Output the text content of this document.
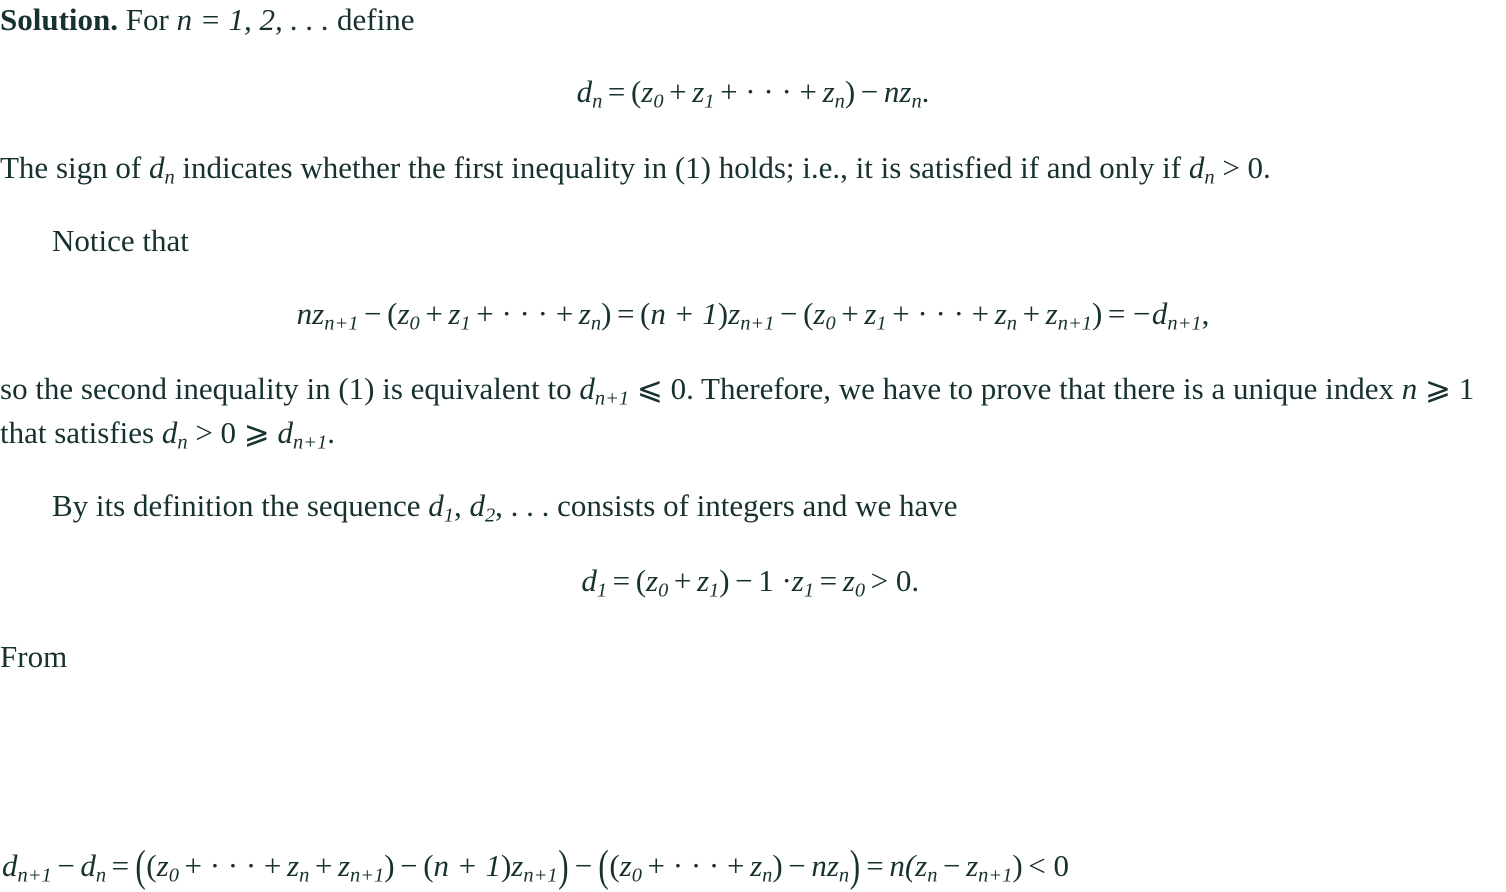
Solution. For n = 1, 2, . . . define

$d_n = (z_0 + z_1$ + · · · + $z_n) - nz_n$.

The sign of $d_n$ indicates whether the first inequality in (1) holds; i.e., it is satisfied if and only if $d_n > 0$.

Notice that

$nz_{n+1} - (z_0 + z_1$ + · · · + $z_n) = (n + 1)z_{n+1} - (z_0 + z_1$ + · · · + $z_n + z_{n+1}) = -d_{n+1}$,

so the second inequality in (1) is equivalent to $d_{n+1}$ ⩽ 0. Therefore, we have to prove that there is a unique index n ⩾ 1 that satisfies $d_n > 0$ ⩾ $d_{n+1}$.

By its definition the sequence $d_1$, $d_2$, . . . consists of integers and we have

$d_1 = (z_0 + z_1) - 1 \cdot z_1 = z_0 > 0$.

From

$d_{n+1} - d_n = ((z_0$ + · · · + $z_n + z_{n+1}) - (n + 1)z_{n+1}) - ((z_0$ + · · · + $z_n) - nz_n) = n(z_n - z_{n+1}) < 0$
